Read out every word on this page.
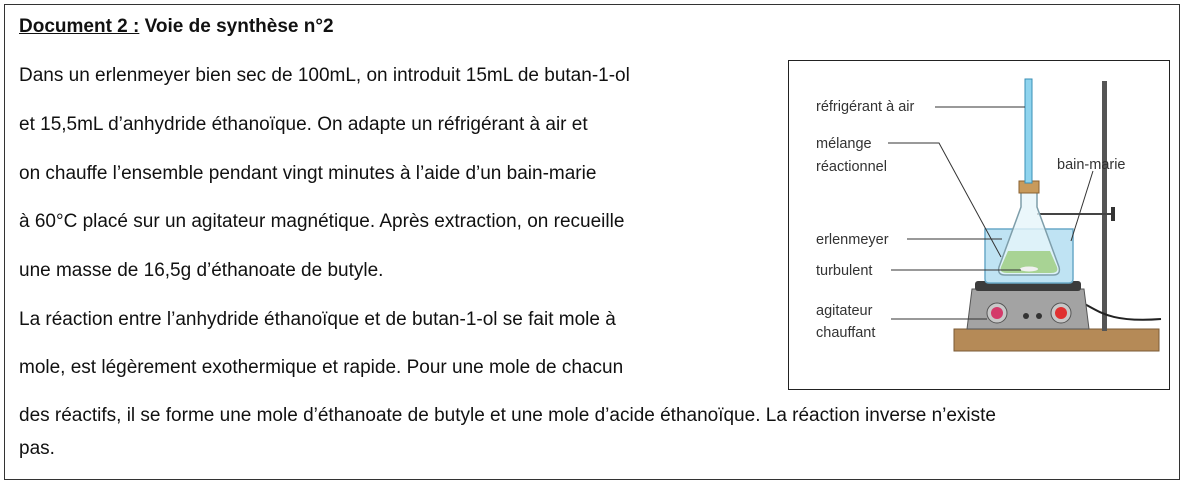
Document 2 : Voie de synthèse n°2
Dans un erlenmeyer bien sec de 100mL, on introduit 15mL de butan-1-ol
et 15,5mL d’anhydride éthanoïque. On adapte un réfrigérant à air et
on chauffe l’ensemble pendant vingt minutes à l’aide d’un bain-marie
à 60°C placé sur un agitateur magnétique. Après extraction, on recueille
une masse de 16,5g d’éthanoate de butyle.
La réaction entre l’anhydride éthanoïque et de butan-1-ol se fait mole à
mole, est légèrement exothermique et rapide. Pour une mole de chacun
des réactifs, il se forme une mole d’éthanoate de butyle et une mole d’acide éthanoïque. La réaction inverse n’existe
pas.
réfrigérant à air
mélange
réactionnel	bain-marie
erlenmeyer
turbulent
agitateur
chauffant
